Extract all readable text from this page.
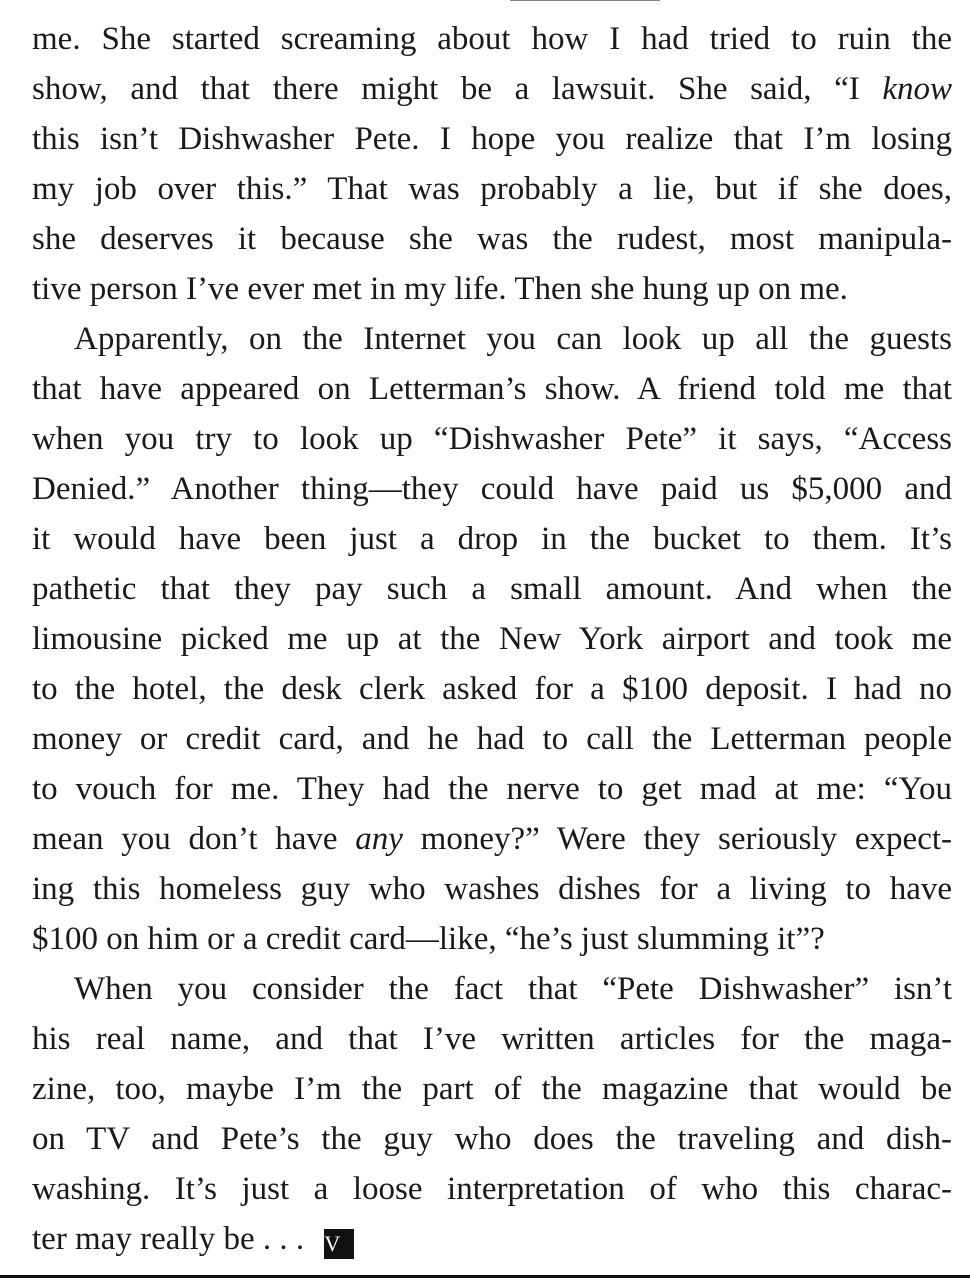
me. She started screaming about how I had tried to ruin the
show, and that there might be a lawsuit. She said, “I know
this isn’t Dishwasher Pete. I hope you realize that I’m losing
my job over this.” That was probably a lie, but if she does,
she deserves it because she was the rudest, most manipula-
tive person I’ve ever met in my life. Then she hung up on me.
Apparently, on the Internet you can look up all the guests
that have appeared on Letterman’s show. A friend told me that
when you try to look up “Dishwasher Pete” it says, “Access
Denied.” Another thing—they could have paid us $5,000 and
it would have been just a drop in the bucket to them. It’s
pathetic that they pay such a small amount. And when the
limousine picked me up at the New York airport and took me
to the hotel, the desk clerk asked for a $100 deposit. I had no
money or credit card, and he had to call the Letterman people
to vouch for me. They had the nerve to get mad at me: “You
mean you don’t have any money?” Were they seriously expect-
ing this homeless guy who washes dishes for a living to have
$100 on him or a credit card—like, “he’s just slumming it”?
When you consider the fact that “Pete Dishwasher” isn’t
his real name, and that I’ve written articles for the maga-
zine, too, maybe I’m the part of the magazine that would be
on TV and Pete’s the guy who does the traveling and dish-
washing. It’s just a loose interpretation of who this charac-
ter may really be . . . V
